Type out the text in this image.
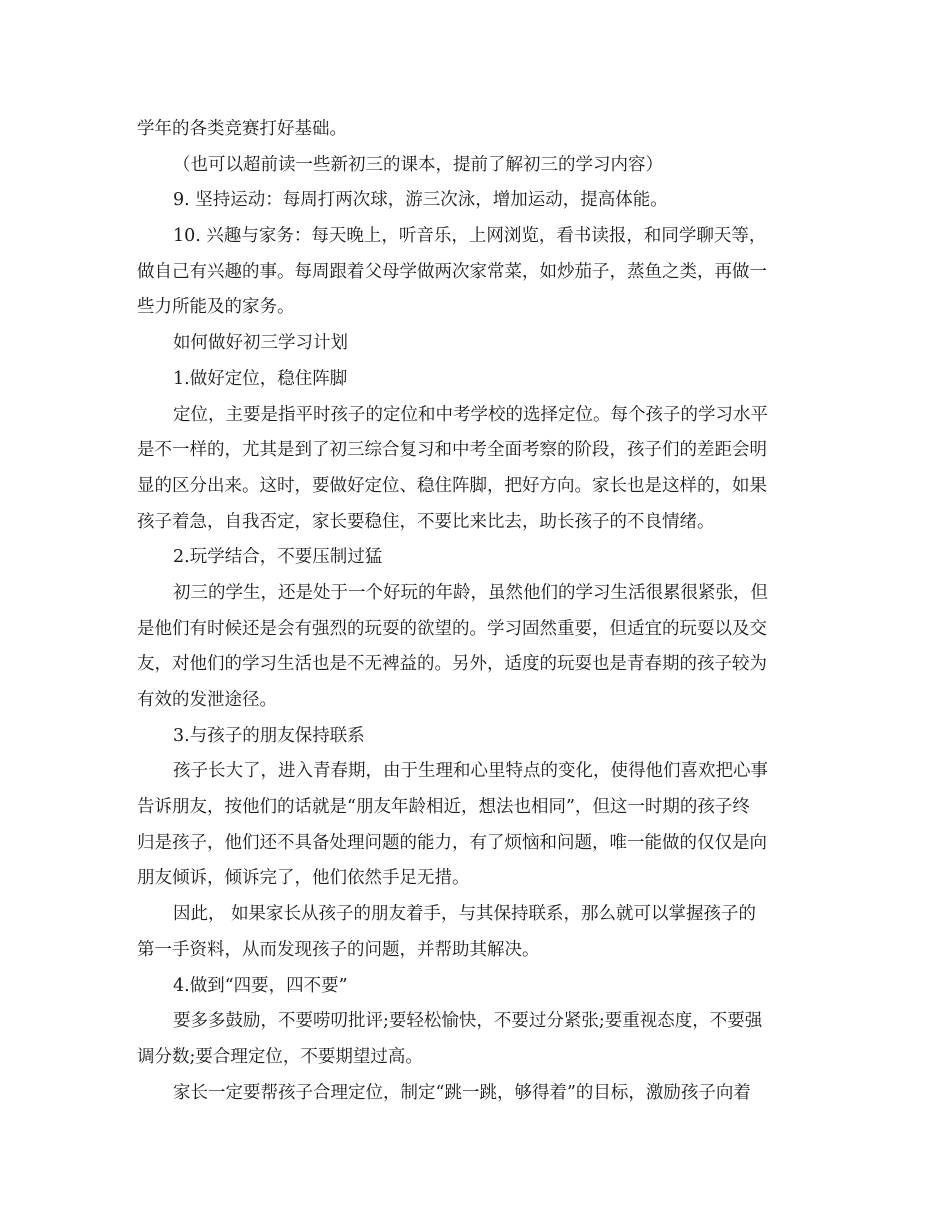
学年的各类竞赛打好基础。
（也可以超前读一些新初三的课本，提前了解初三的学习内容）
9. 坚持运动：每周打两次球，游三次泳，增加运动，提高体能。
10. 兴趣与家务：每天晚上，听音乐，上网浏览，看书读报，和同学聊天等，
做自己有兴趣的事。每周跟着父母学做两次家常菜，如炒茄子，蒸鱼之类，再做一
些力所能及的家务。
如何做好初三学习计划
1.做好定位，稳住阵脚
定位，主要是指平时孩子的定位和中考学校的选择定位。每个孩子的学习水平
是不一样的，尤其是到了初三综合复习和中考全面考察的阶段，孩子们的差距会明
显的区分出来。这时，要做好定位、稳住阵脚，把好方向。家长也是这样的，如果
孩子着急，自我否定，家长要稳住，不要比来比去，助长孩子的不良情绪。
2.玩学结合，不要压制过猛
初三的学生，还是处于一个好玩的年龄，虽然他们的学习生活很累很紧张，但
是他们有时候还是会有强烈的玩耍的欲望的。学习固然重要，但适宜的玩耍以及交
友，对他们的学习生活也是不无裨益的。另外，适度的玩耍也是青春期的孩子较为
有效的发泄途径。
3.与孩子的朋友保持联系
孩子长大了，进入青春期，由于生理和心里特点的变化，使得他们喜欢把心事
告诉朋友，按他们的话就是“朋友年龄相近，想法也相同”，但这一时期的孩子终
归是孩子，他们还不具备处理问题的能力，有了烦恼和问题，唯一能做的仅仅是向
朋友倾诉，倾诉完了，他们依然手足无措。
因此， 如果家长从孩子的朋友着手，与其保持联系，那么就可以掌握孩子的
第一手资料，从而发现孩子的问题，并帮助其解决。
4.做到“四要，四不要”
要多多鼓励，不要唠叨批评;要轻松愉快，不要过分紧张;要重视态度，不要强
调分数;要合理定位，不要期望过高。
家长一定要帮孩子合理定位，制定“跳一跳，够得着”的目标，激励孩子向着
